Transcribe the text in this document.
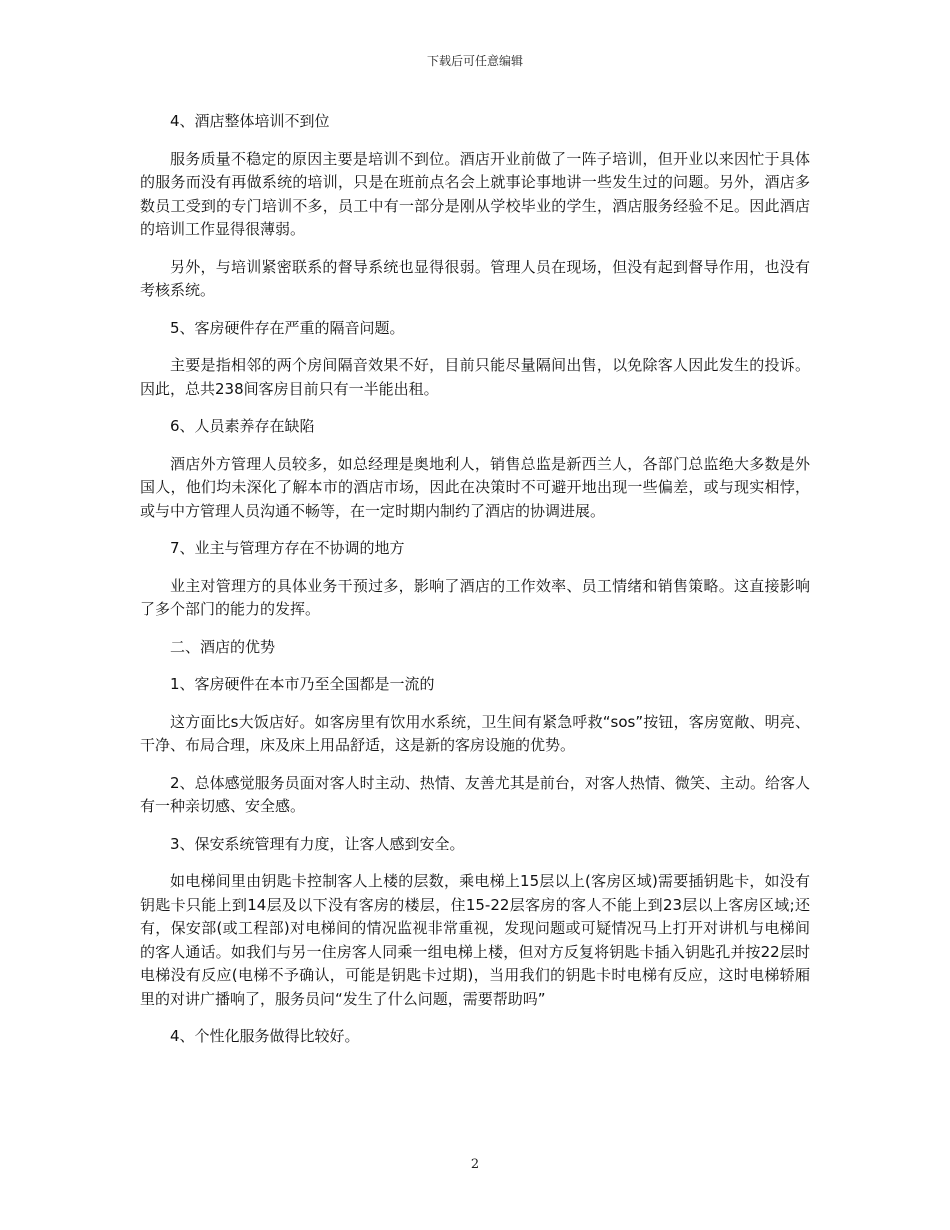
下载后可任意编辑

4、酒店整体培训不到位

服务质量不稳定的原因主要是培训不到位。酒店开业前做了一阵子培训，但开业以来因忙于具体的服务而没有再做系统的培训，只是在班前点名会上就事论事地讲一些发生过的问题。另外，酒店多数员工受到的专门培训不多，员工中有一部分是刚从学校毕业的学生，酒店服务经验不足。因此酒店的培训工作显得很薄弱。

另外，与培训紧密联系的督导系统也显得很弱。管理人员在现场，但没有起到督导作用，也没有考核系统。

5、客房硬件存在严重的隔音问题。

主要是指相邻的两个房间隔音效果不好，目前只能尽量隔间出售，以免除客人因此发生的投诉。因此，总共238间客房目前只有一半能出租。

6、人员素养存在缺陷

酒店外方管理人员较多，如总经理是奥地利人，销售总监是新西兰人，各部门总监绝大多数是外国人，他们均未深化了解本市的酒店市场，因此在决策时不可避开地出现一些偏差，或与现实相悖，或与中方管理人员沟通不畅等，在一定时期内制约了酒店的协调进展。

7、业主与管理方存在不协调的地方

业主对管理方的具体业务干预过多，影响了酒店的工作效率、员工情绪和销售策略。这直接影响了多个部门的能力的发挥。

二、酒店的优势

1、客房硬件在本市乃至全国都是一流的

这方面比s大饭店好。如客房里有饮用水系统，卫生间有紧急呼救“sos”按钮，客房宽敞、明亮、干净、布局合理，床及床上用品舒适，这是新的客房设施的优势。

2、总体感觉服务员面对客人时主动、热情、友善尤其是前台，对客人热情、微笑、主动。给客人有一种亲切感、安全感。

3、保安系统管理有力度，让客人感到安全。

如电梯间里由钥匙卡控制客人上楼的层数，乘电梯上15层以上(客房区域)需要插钥匙卡，如没有钥匙卡只能上到14层及以下没有客房的楼层，住15-22层客房的客人不能上到23层以上客房区域;还有，保安部(或工程部)对电梯间的情况监视非常重视，发现问题或可疑情况马上打开对讲机与电梯间的客人通话。如我们与另一住房客人同乘一组电梯上楼，但对方反复将钥匙卡插入钥匙孔并按22层时电梯没有反应(电梯不予确认，可能是钥匙卡过期)，当用我们的钥匙卡时电梯有反应，这时电梯轿厢里的对讲广播响了，服务员问“发生了什么问题，需要帮助吗”

4、个性化服务做得比较好。

2
